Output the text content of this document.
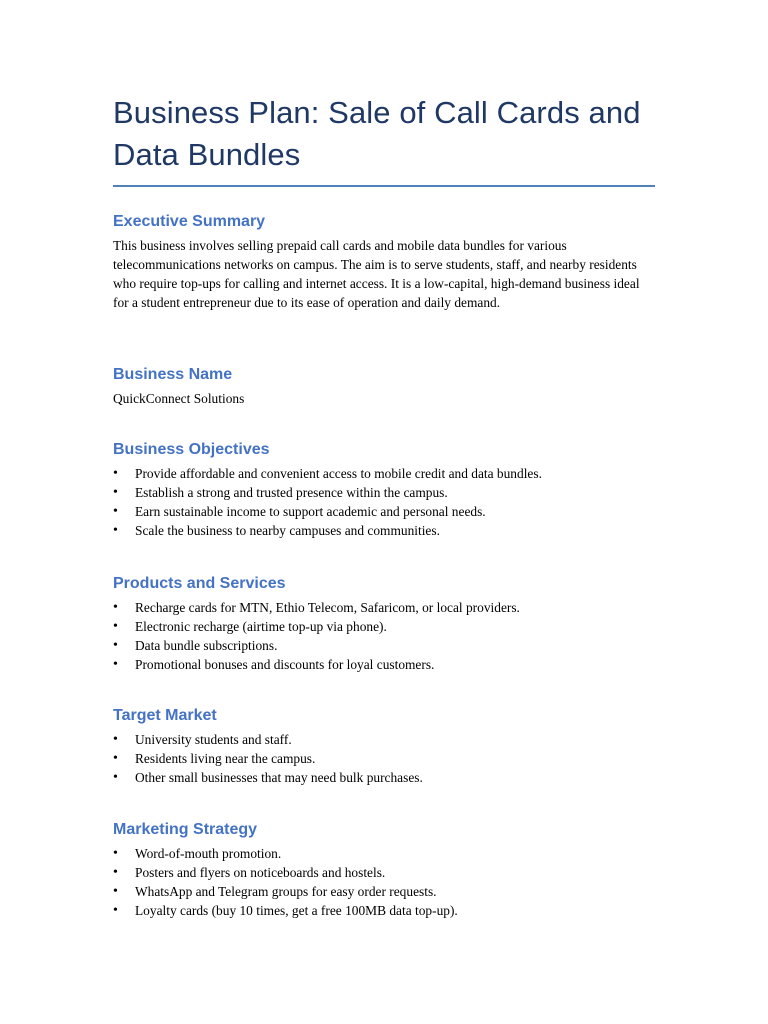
Business Plan: Sale of Call Cards and Data Bundles
Executive Summary

This business involves selling prepaid call cards and mobile data bundles for various telecommunications networks on campus. The aim is to serve students, staff, and nearby residents who require top-ups for calling and internet access. It is a low-capital, high-demand business ideal for a student entrepreneur due to its ease of operation and daily demand.

Business Name

QuickConnect Solutions

Business Objectives
• Provide affordable and convenient access to mobile credit and data bundles.
• Establish a strong and trusted presence within the campus.
• Earn sustainable income to support academic and personal needs.
• Scale the business to nearby campuses and communities.
Products and Services
• Recharge cards for MTN, Ethio Telecom, Safaricom, or local providers.
• Electronic recharge (airtime top-up via phone).
• Data bundle subscriptions.
• Promotional bonuses and discounts for loyal customers.
Target Market
• University students and staff.
• Residents living near the campus.
• Other small businesses that may need bulk purchases.
Marketing Strategy
• Word-of-mouth promotion.
• Posters and flyers on noticeboards and hostels.
• WhatsApp and Telegram groups for easy order requests.
• Loyalty cards (buy 10 times, get a free 100MB data top-up).
